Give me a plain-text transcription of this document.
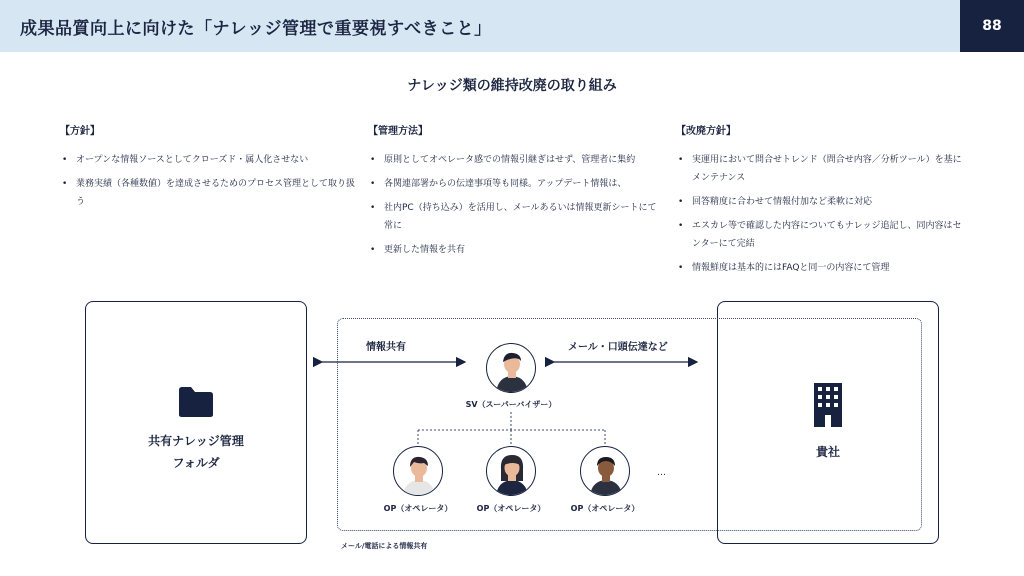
成果品質向上に向けた「ナレッジ管理で重要視すべきこと」	88
ナレッジ類の維持改廃の取り組み
【方針】
• オープンな情報ソースとしてクローズド・属人化させない
• 業務実績（各種数値）を達成させるためのプロセス管理として取り扱う
【管理方法】
• 原則としてオペレータ感での情報引継ぎはせず、管理者に集約
• 各関連部署からの伝達事項等も同様。アップデート情報は、
• 社内PC（持ち込み）を活用し、メールあるいは情報更新シートにて常に
• 更新した情報を共有
【改廃方針】
• 実運用において問合せトレンド（問合せ内容／分析ツール）を基にメンテナンス
• 回答精度に合わせて情報付加など柔軟に対応
• エスカレ等で確認した内容についてもナレッジ追記し、同内容はセンターにて完結
• 情報鮮度は基本的にはFAQと同一の内容にて管理
共有ナレッジ管理
フォルダ
貴社
情報共有	メール・口頭伝達など
SV（スーパーバイザー）
OP（オペレータ）	OP（オペレータ）	OP（オペレータ）
…
メール/電話による情報共有
